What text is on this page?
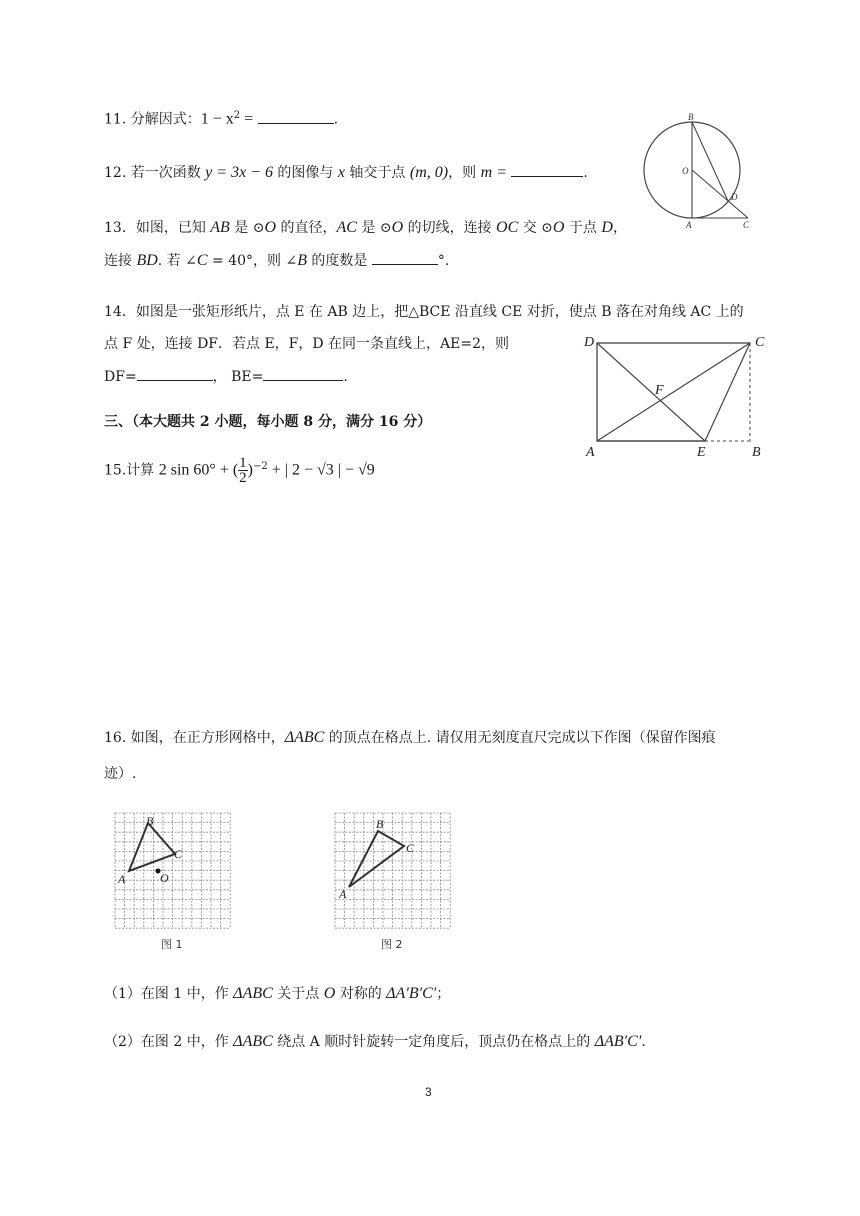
11. 分解因式：$1 - x^2$ =	.
12. 若一次函数 y = 3x − 6 的图像与 x 轴交于点 (m, 0)，则 m =	.
13．如图，已知 AB 是 ⊙O 的直径，AC 是 ⊙O 的切线，连接 OC 交 ⊙O 于点 D，
连接 BD. 若 ∠C = 40°，则 ∠B 的度数是	°.
B
O
D
A	C
14．如图是一张矩形纸片，点 E 在 AB 边上，把△BCE 沿直线 CE 对折，使点 B 落在对角线 AC 上的
点 F 处，连接 DF．若点 E，F，D 在同一条直线上，AE=2，则
DF=	， BE=	.
D	C
F
A	E	B
三、（本大题共 2 小题，每小题 8 分，满分 16 分）
15.计算 2 sin 60° + ( $\frac{1}{2} )^{-2}$ + | 2 − √3 | − √9
16. 如图，在正方形网格中，ΔABC 的顶点在格点上. 请仅用无刻度直尺完成以下作图（保留作图痕
迹）.
A
B
C
O
图 1
A
B
C
图 2
（1）在图 1 中，作 ΔABC 关于点 O 对称的 ΔA′B′C′；
（2）在图 2 中，作 ΔABC 绕点 A 顺时针旋转一定角度后，顶点仍在格点上的 ΔAB′C′.
3
